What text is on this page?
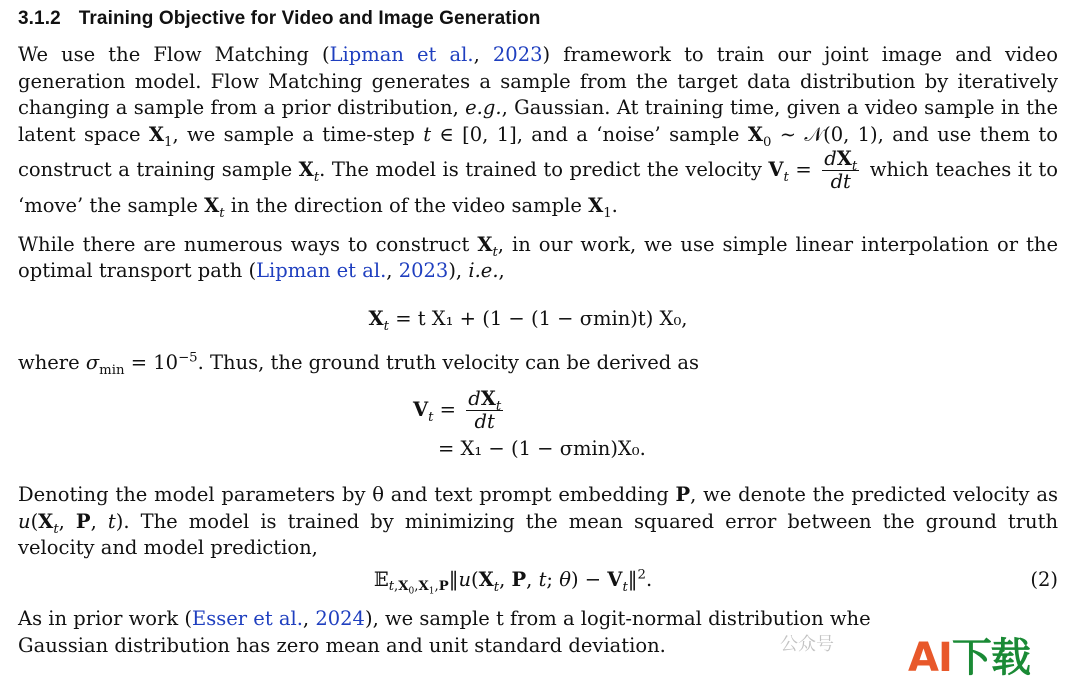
3.1.2 Training Objective for Video and Image Generation

We use the Flow Matching (Lipman et al., 2023) framework to train our joint image and video generation model. Flow Matching generates a sample from the target data distribution by iteratively changing a sample from a prior distribution, e.g., Gaussian. At training time, given a video sample in the latent space $X_1$, we sample a time-step t ∈ [0, 1], and a ‘noise’ sample $X_0$ ∼ 𝒩(0, 1), and use them to construct a training sample $X_t$. The model is trained to predict the velocity $V_t = \frac{dX_t}{dt}$ which teaches it to ‘move’ the sample $X_t$ in the direction of the video sample $X_1$.

While there are numerous ways to construct $X_t$, in our work, we use simple linear interpolation or the optimal transport path (Lipman et al., 2023), i.e.,

$X_t = t$ X₁ + (1 − (1 − σmin)t) X₀,

where $\sigma_{min} = 10^{-5}$. Thus, the ground truth velocity can be derived as

$V_t = \frac{dX_t}{dt}$
= X₁ − (1 − σmin)X₀.

Denoting the model parameters by θ and text prompt embedding P, we denote the predicted velocity as $u(X_t$, P, t). The model is trained by minimizing the mean squared error between the ground truth velocity and model prediction,

$𝔼_{t,X_0,X_1,P}‖u(X_t$, P, t; $\theta) - V_t‖^2$.	(2)

As in prior work (Esser et al., 2024), we sample t from a logit-normal distribution whe
Gaussian distribution has zero mean and unit standard deviation.	公众号 AI下载
